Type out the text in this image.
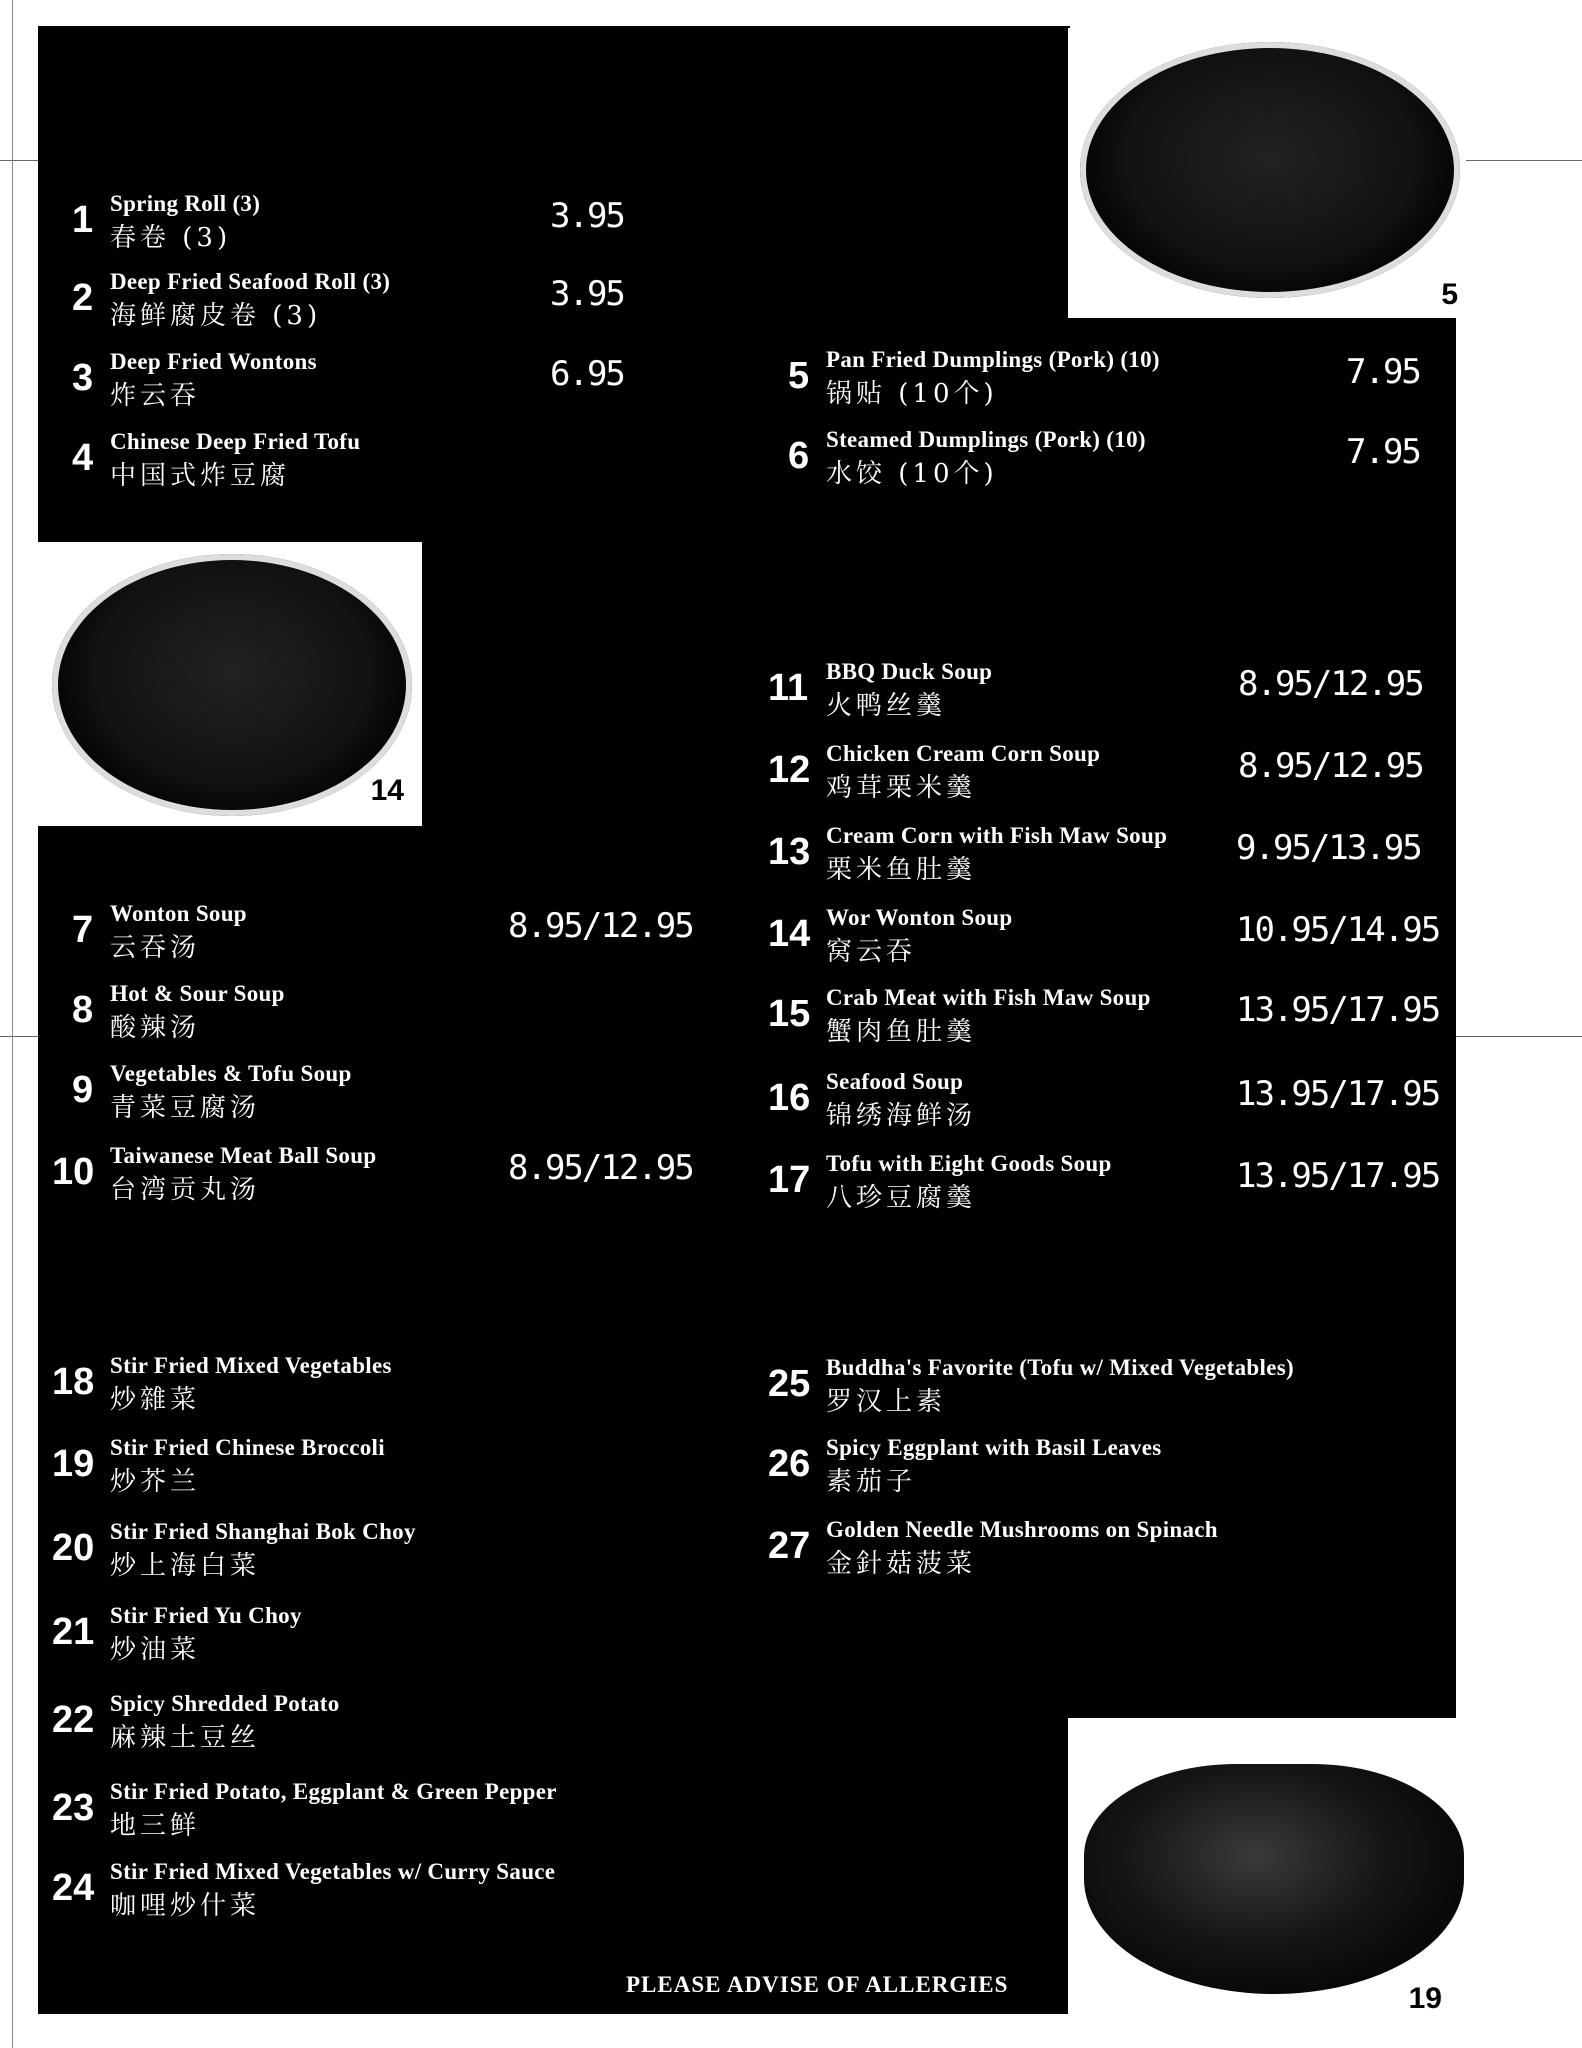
5
14
19
1 Spring Roll (3)
春卷 (3)
3.95
2 Deep Fried Seafood Roll (3)
海鲜腐皮卷 (3)
3.95
3 Deep Fried Wontons
炸云吞
6.95
4 Chinese Deep Fried Tofu
中国式炸豆腐
5 Pan Fried Dumplings (Pork) (10)
锅贴 (10个)
7.95
6 Steamed Dumplings (Pork) (10)
水饺 (10个)
7.95
7 Wonton Soup
云吞汤
8.95/12.95
8 Hot & Sour Soup
酸辣汤
9 Vegetables & Tofu Soup
青菜豆腐汤
10 Taiwanese Meat Ball Soup
台湾贡丸汤
8.95/12.95
11 BBQ Duck Soup
火鸭丝羹
8.95/12.95
12 Chicken Cream Corn Soup
鸡茸栗米羹
8.95/12.95
13 Cream Corn with Fish Maw Soup
栗米鱼肚羹
9.95/13.95
14 Wor Wonton Soup
窝云吞
10.95/14.95
15 Crab Meat with Fish Maw Soup
蟹肉鱼肚羹
13.95/17.95
16 Seafood Soup
锦绣海鲜汤
13.95/17.95
17 Tofu with Eight Goods Soup
八珍豆腐羹
13.95/17.95
18 Stir Fried Mixed Vegetables
炒雜菜
19 Stir Fried Chinese Broccoli
炒芥兰
20 Stir Fried Shanghai Bok Choy
炒上海白菜
21 Stir Fried Yu Choy
炒油菜
22 Spicy Shredded Potato
麻辣土豆丝
23 Stir Fried Potato, Eggplant & Green Pepper
地三鲜
24 Stir Fried Mixed Vegetables w/ Curry Sauce
咖哩炒什菜
25 Buddha's Favorite (Tofu w/ Mixed Vegetables)
罗汉上素
26 Spicy Eggplant with Basil Leaves
素茄子
27 Golden Needle Mushrooms on Spinach
金針菇菠菜
PLEASE ADVISE OF ALLERGIES
